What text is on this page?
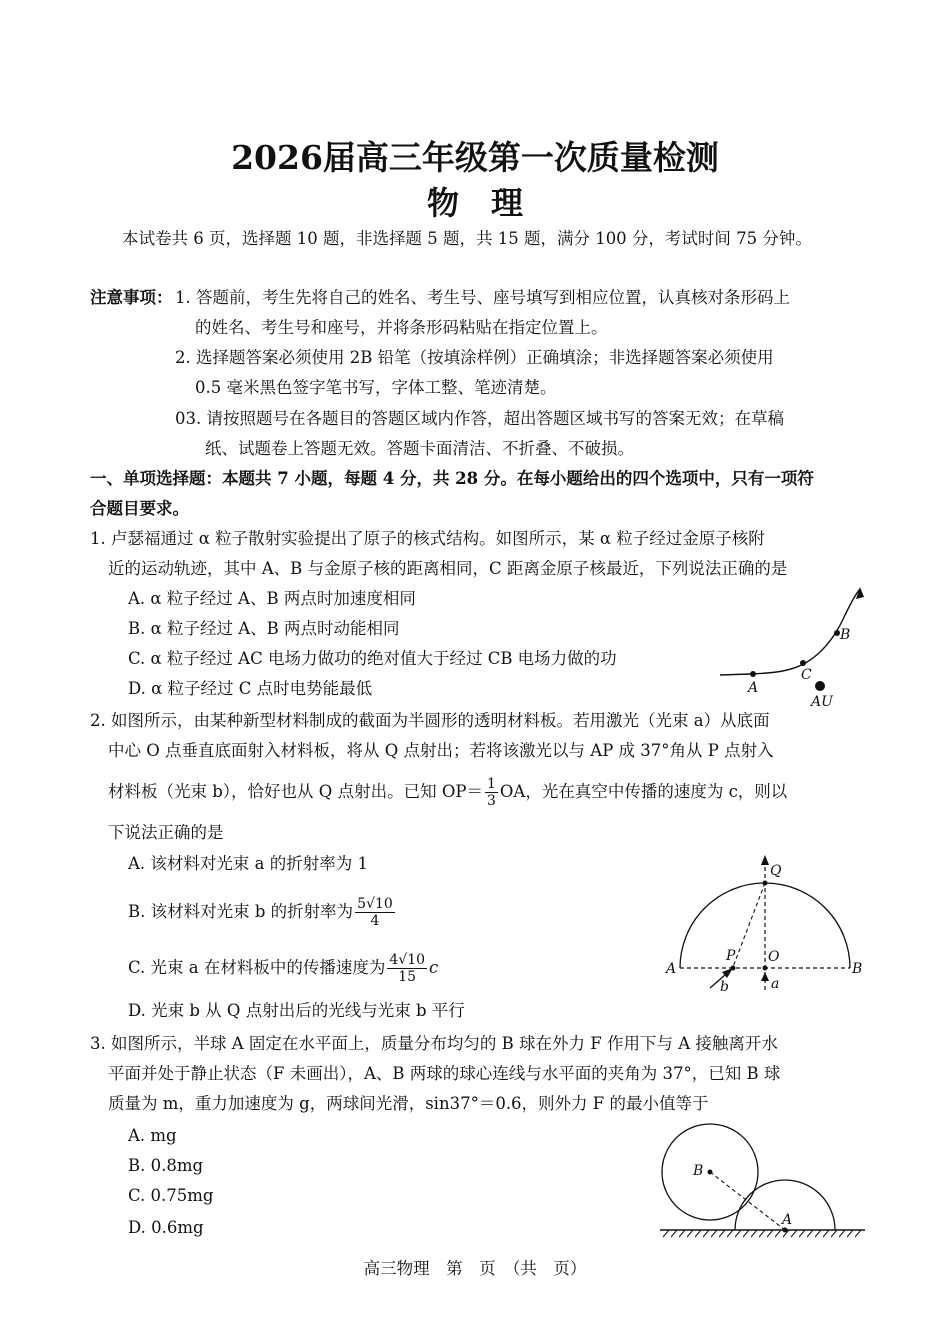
2026届高三年级第一次质量检测
物　理
本试卷共 6 页，选择题 10 题，非选择题 5 题，共 15 题，满分 100 分，考试时间 75 分钟。
注意事项： 1. 答题前，考生先将自己的姓名、考生号、座号填写到相应位置，认真核对条形码上
的姓名、考生号和座号，并将条形码粘贴在指定位置上。
2. 选择题答案必须使用 2B 铅笔（按填涂样例）正确填涂；非选择题答案必须使用
0.5 毫米黑色签字笔书写，字体工整、笔迹清楚。
03. 请按照题号在各题目的答题区域内作答，超出答题区域书写的答案无效；在草稿
纸、试题卷上答题无效。答题卡面清洁、不折叠、不破损。
一、单项选择题：本题共 7 小题，每题 4 分，共 28 分。在每小题给出的四个选项中，只有一项符
合题目要求。
1. 卢瑟福通过 α 粒子散射实验提出了原子的核式结构。如图所示，某 α 粒子经过金原子核附
近的运动轨迹，其中 A、B 与金原子核的距离相同，C 距离金原子核最近，下列说法正确的是
A. α 粒子经过 A、B 两点时加速度相同
B. α 粒子经过 A、B 两点时动能相同
C. α 粒子经过 AC 电场力做功的绝对值大于经过 CB 电场力做的功
D. α 粒子经过 C 点时电势能最低	A
C
B
AU
2. 如图所示，由某种新型材料制成的截面为半圆形的透明材料板。若用激光（光束 a）从底面
中心 O 点垂直底面射入材料板，将从 Q 点射出；若将该激光以与 AP 成 37°角从 P 点射入
材料板（光束 b），恰好也从 Q 点射出。已知 $OP= \frac{1}{3}$ OA，光在真空中传播的速度为 c，则以
下说法正确的是
A. 该材料对光束 a 的折射率为 1
B. 该材料对光束 b 的折射率为 $\frac{5√10}{4}$
C. 光束 a 在材料板中的传播速度为 $\frac{4√10}{15}$ c
D. 光束 b 从 Q 点射出后的光线与光束 b 平行
Q
A
P O
B
a
b
3. 如图所示，半球 A 固定在水平面上，质量分布均匀的 B 球在外力 F 作用下与 A 接触离开水
平面并处于静止状态（F 未画出），A、B 两球的球心连线与水平面的夹角为 37°，已知 B 球
质量为 m，重力加速度为 g，两球间光滑，sin37°＝0.6，则外力 F 的最小值等于
A. mg
B. 0.8mg
C. 0.75mg
D. 0.6mg
B
A
高三物理　第　页　（共　页）
